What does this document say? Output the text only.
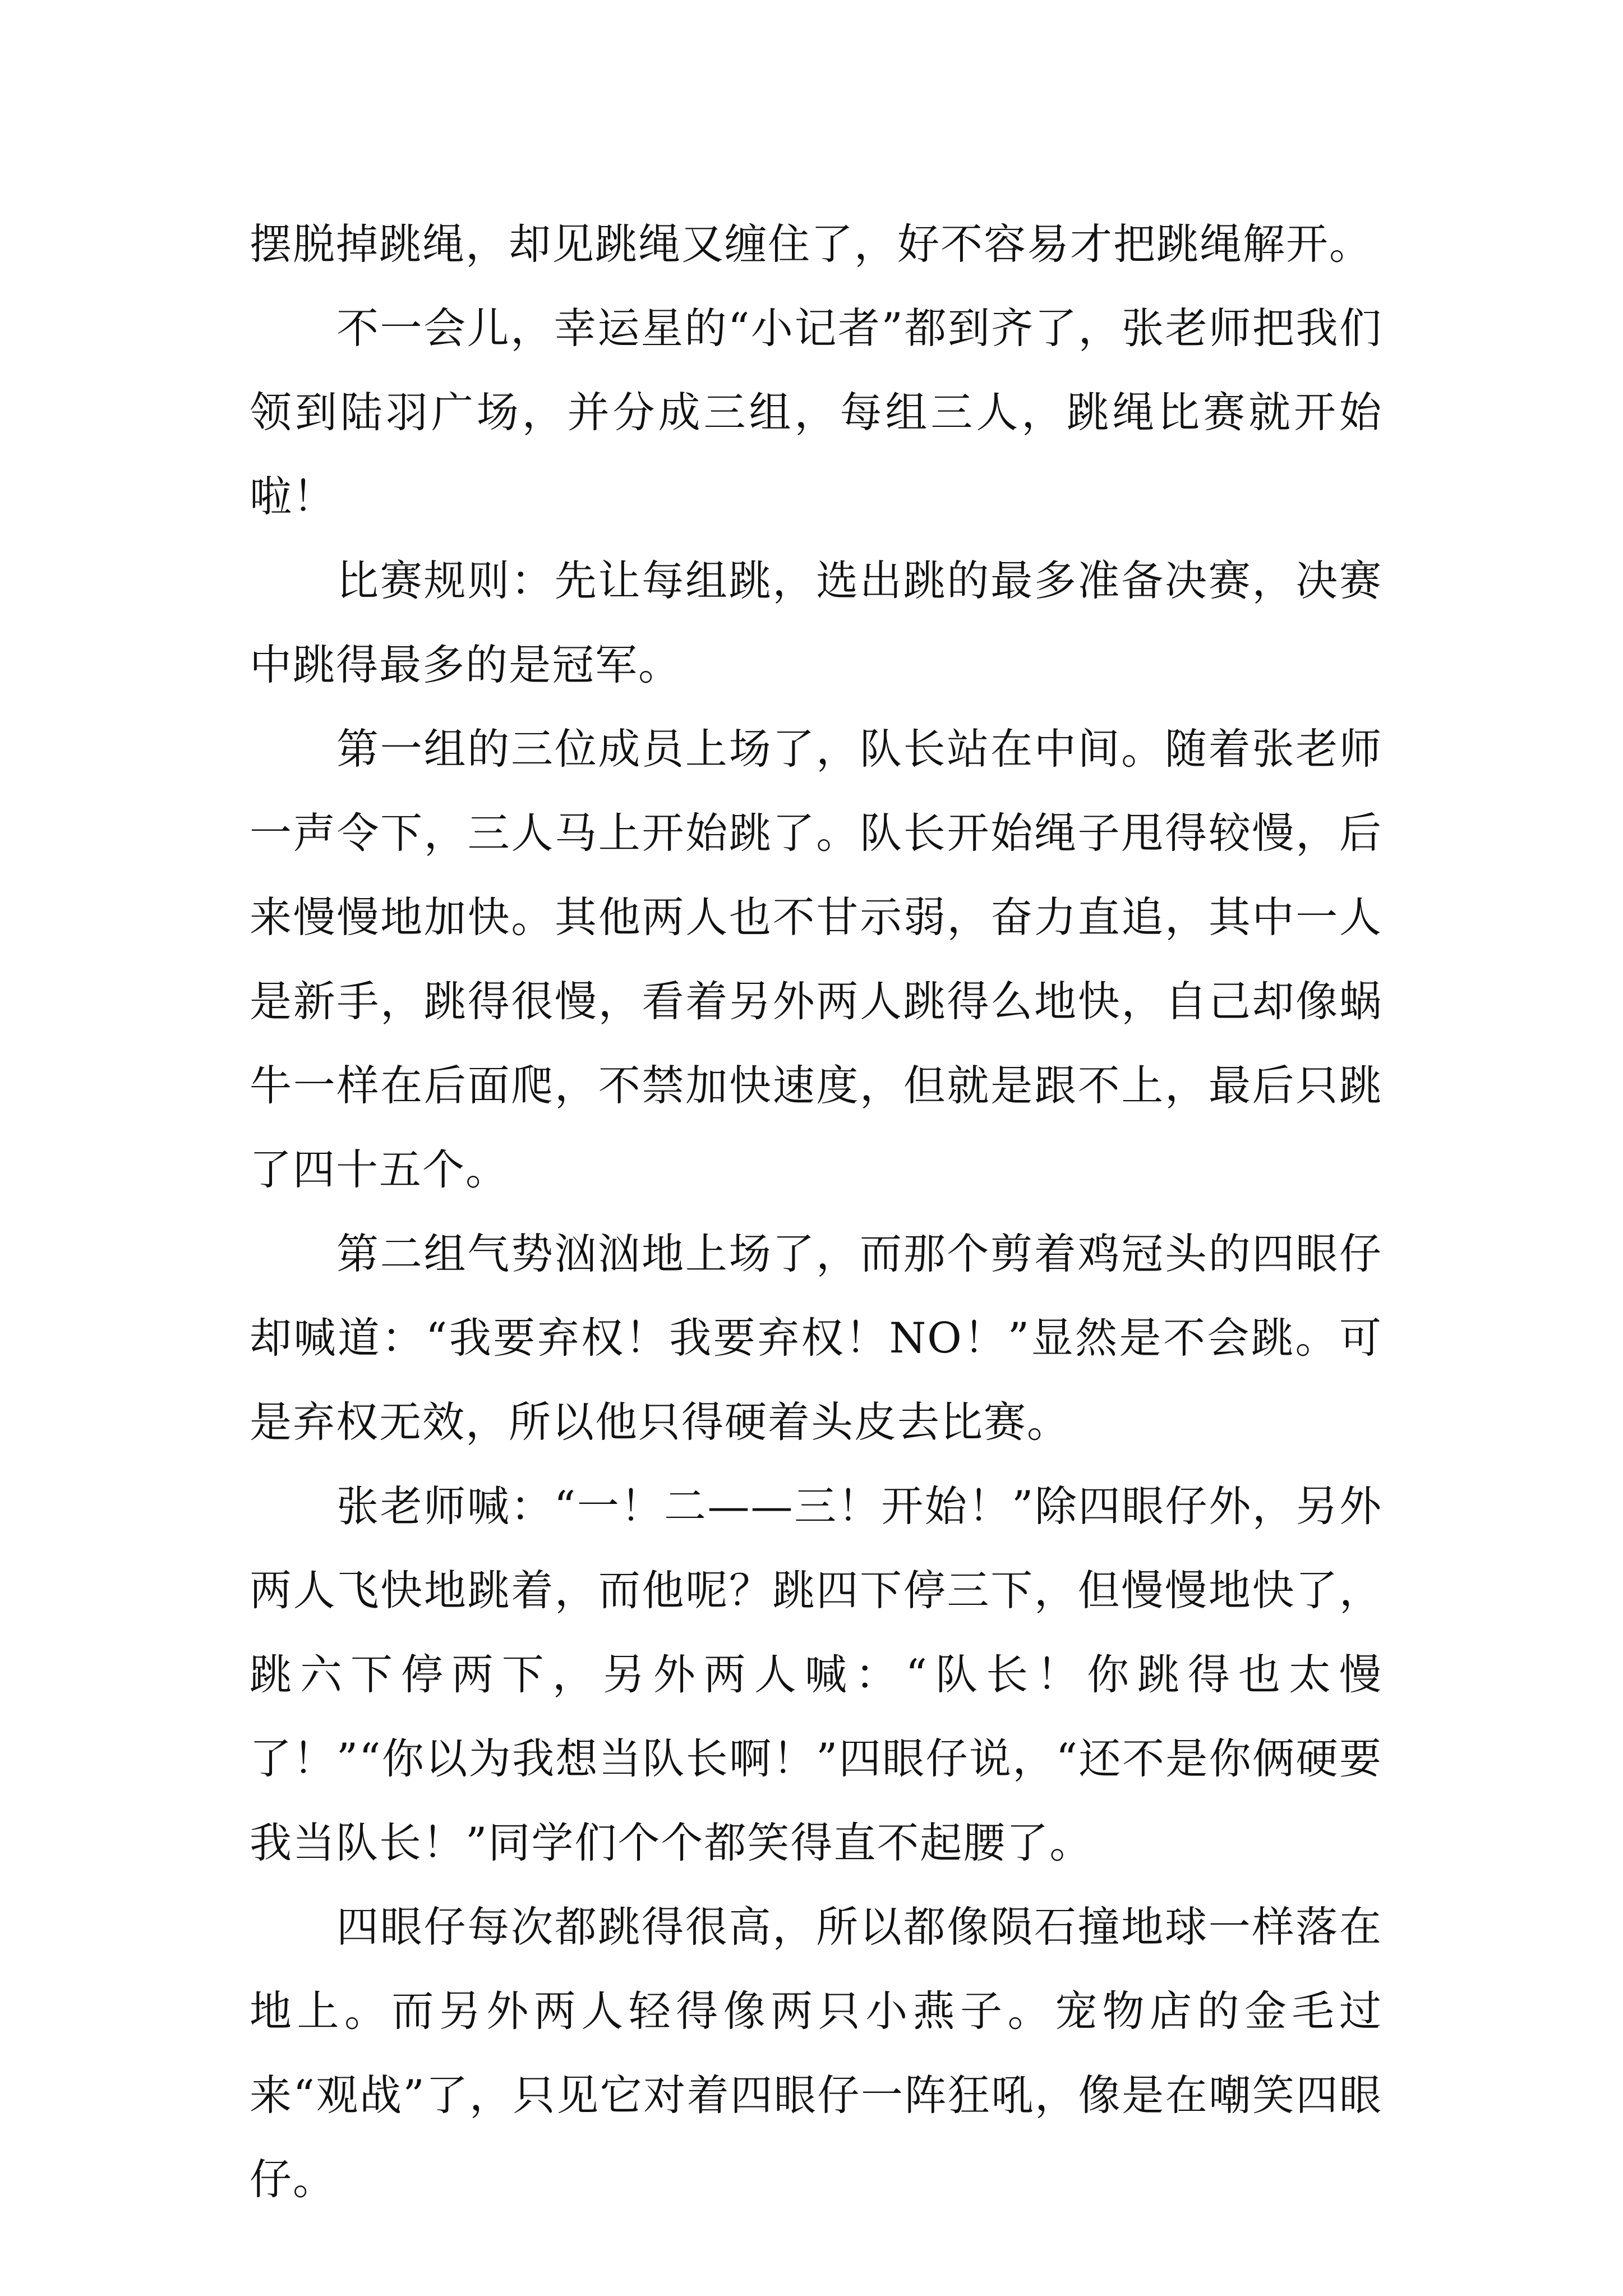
摆脱掉跳绳，却见跳绳又缠住了，好不容易才把跳绳解开。

不一会儿，幸运星的“小记者”都到齐了，张老师把我们领到陆羽广场，并分成三组，每组三人，跳绳比赛就开始啦！

比赛规则：先让每组跳，选出跳的最多准备决赛，决赛中跳得最多的是冠军。

第一组的三位成员上场了，队长站在中间。随着张老师一声令下，三人马上开始跳了。队长开始绳子甩得较慢，后来慢慢地加快。其他两人也不甘示弱，奋力直追，其中一人是新手，跳得很慢，看着另外两人跳得么地快，自己却像蜗牛一样在后面爬，不禁加快速度，但就是跟不上，最后只跳了四十五个。

第二组气势汹汹地上场了，而那个剪着鸡冠头的四眼仔却喊道：“我要弃权！我要弃权！NO！”显然是不会跳。可是弃权无效，所以他只得硬着头皮去比赛。

张老师喊：“一！二——三！开始！”除四眼仔外，另外两人飞快地跳着，而他呢？跳四下停三下，但慢慢地快了，跳六下停两下，另外两人喊：“队长！你跳得也太慢了！”“你以为我想当队长啊！”四眼仔说，“还不是你俩硬要我当队长！”同学们个个都笑得直不起腰了。

四眼仔每次都跳得很高，所以都像陨石撞地球一样落在地上。而另外两人轻得像两只小燕子。宠物店的金毛过来“观战”了，只见它对着四眼仔一阵狂吼，像是在嘲笑四眼仔。
